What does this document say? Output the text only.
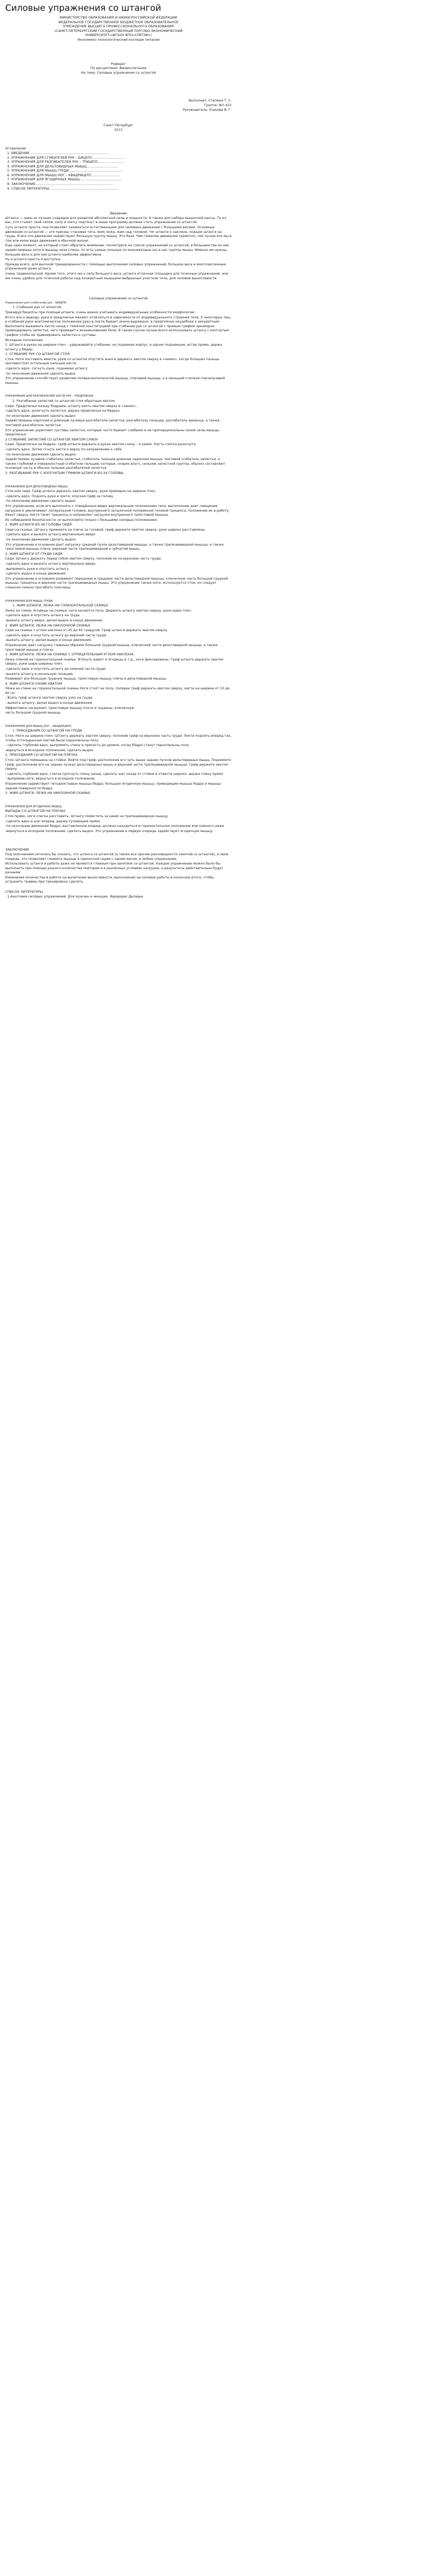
Силовые упражнения со штангой

МИНИСТЕРСТВО ОБРАЗОВАНИЯ И НАУКИ РОССИЙСКОЙ ФЕДЕРАЦИИ

ФЕДЕРАЛЬНОЕ ГОСУДАРСТВЕННОЕ БЮДЖЕТНОЕ ОБРАЗОВАТЕЛЬНОЕ

УЧРЕЖДЕНИЕ ВЫСШЕГО ПРОФЕССИОНАЛЬНОГО ОБРАЗОВАНИЯ

«САНКТ-ПЕТЕРБУРГСКИЙ ГОСУДАРСТВЕННЫЙ ТОРГОВО-ЭКОНОМИЧЕСКИЙ

УНИВЕРСИТЕТ»(ФГБОУ ВПО«СПбТЭИ»)

Экономико-технологический колледж питания

Реферат
По дисциплине: Физвоспитание
На тему: Силовые упражнения со штангой
Выполнил: Степина Т. С.
Группа: №т-412
Руководитель: Усанова В. Г.
Санкт-Петербург
2013
Оглавление
1. ВВЕДЕНИЕ...........................................................................
2. УПРАЖНЕНИЯ ДЛЯ СГИБАТЕЛЕЙ РУК – БИЦЕПС...............................
3. УПРАЖНЕНИЯ ДЛЯ РАЗГИБАТЕЛЕЙ РУК – ТРИЦЕПС.........................
4. УПРАЖНЕНИЯ ДЛЯ ДЕЛЬТОВИДНЫХ МЫШЦ..............................
5. УПРАЖНЕНИЯ ДЛЯ МЫШЦ ГРУДИ....................................................
6. УПРАЖНЕНИЯ ДЛЯ МЫШЦ НОГ – КВАДРИЦЕПС...........................
7. УПРАЖНЕНИЯ ДЛЯ ЯГОДИЧНЫХ МЫШЦ.........................................
8. ЗАКЛЮЧЕНИЕ..........................................................................
9. СПИСОК ЛИТЕРАТУРЫ..................................................................
Введение

Штанга — один из лучших снарядов для развития абсолютной силы и мощности. А также для набора мышечной массы. Те из вас, кто стажет свой силой, силу и массу подтянут в наше программу должен стать упражнения со штангой.

Суть штанги проста, она позволяет заниматься естественными для человека движения с большими весами. Основные движения со штангой — это присед, становая тяга, жим лежа, жим над головой, тяг штанги к наклоне, подъем штанги на грудь. И все эти движения задействуют большую группу мышц. Это база. Чем тяжелее движения грамотно, тем лучше все мы в том или ином виде движения в обычной жизни.

Еще один момент, на который стоит обратить внимание, посмотрите на список упражнений со штангой, в большинстве из них задействованы ноги и мышцы низа спины, то есть самые сильные по мнению(одни из) в нас группы мышц. Именно им нужны большие веса и для них штанга наиболее эффективна.

Ну и штанга проста и доступна.

Прежде всего, для высокой тренированности с помощью выполнения силовых упражнений, большое веса и многочисленные упражнения даже штангу.

очень травмоопасной. Кроме того, этого же к силу большого веса, штанга отличная площадка для точечных упражнений, или же очень удобна для точечной работы над конкретным мышцами выбранных участков тела, для силовой выносливости.

Силовые упражнения со штангой
Упражнения для сгибателей рук - БИЦЕПС

1. Сгибание рук со штангой

Тренируя бицепсы при помощи штанги, очень важно учитывать индивидуальные особенности морфологии.

Итого все к выводу: руки в предплечье меняют отличаться в зависимости от индивидуального строения тела. У некоторых лиц, в сгибания руки анатомическое положение рука в локте бывает иначе выражено, в предплечье неудобное к аккуратным. Выполните выжимать кисти назад с тяжёлой конституцией при сгибании рук со штангой с прямым грифом чрезмерно провоцировать запястья, чего провидит к возникновению боли. В таком случае лучше всего использовать штангу с изогнутым грифом чтобы не травмировать запястья и суставы.

Исходное положение:

1. Штанга в руках на ширине плеч – удерживайте сгибание, не поднимая корпус, в одном подъемным, встав прямо, держа штангу у бёдер.

1. СГИБАНИЕ РУК СО ШТАНГОЙ СТОЯ

Стоя. Ноги поставить вместе, руки со штангой опустить вниз и держать хватом сверху в «замок», когда больших пальцы противостоят остальным пальцам кисти

-сделать вдох, согнуть руки, поднимая штангу

-по окончание движения сделать выдох

Это упражнение способствует развитию поперечнополосатой мышцы, плечевой мышцы, а в меньшей степени плечелучевой мышцы.

УПРАЖНЕНИЯ ДЛЯ РАЗГИБАТЕЛЕЙ КИСТИ РУК – ПРЕДПЛЕЧЬЕ

2. Разгибание запястий со штангой стоя обратным хватом

Сидя. Предплечья между бедрами, штангу взять хватом сверху в «замок»,

-сделать вдох, разогнуть запястья, держа предплечья на бедрах

-по окончании движения сделать выдох

Задействованы короткий и длинный лучевые разгибатели запястья, разгибатель пальцев, разгибатель мизинца, а также локтевой разгибатель запястья.

Это упражнение укрепляет суставы запястья, которые часто бывают слабыми и не пропорциональны силой силы мышцы предплечья.

2.СГИБАНИЕ ЗАПЯСТИЙ СО ШТАНГОЙ ХВАТОМ СНИЗУ

Сидя. Предплечья на бедрах, гриф штанги держать в руках хватом снизу – в замок. Кисть слегка разогнута.

-сделать вдох, Затем сгнуть кисти к верху по направлению к себе.

-по окончании движения сделать выдох.

Задействован лучевой сгибатель запястья, сгибатель пальцев длинная ладонная мышца, локтевой сгибатель запястья, а также глубокий и поверхностный сгибатели пальцев, которые, скорее всего, сильнее запястной группы, обычно составляют основную часть и обычно сильнее разгибателей запястья.

3. РАЗГИБАНИЕ РУК С ИЗОГНУТЫМ ГРИФОМ ШТАНГИ ИЗ-ЗА ГОЛОВЫ

УПРАЖНЕНИЯ ДЛЯ ДЕЛЬТОВИДНЫХ МЫШЦ

Стоя или сидя. Гриф штанги держать хватом сверху, руки примерно на ширине плеч.

-сделать вдох, Поднять руки в локте, опуская гриф за голову

-по окончании движения сделать выдох

Это упражнение, если его выполнять с отведённым вверх вертикальным положением тела, выполнение дает смещение нагрузки и увеличивает латеральной головке, внутреннего затылочной половинной головой трицепса, положение их в работу. Квант сверху локтя тянет трицепсы и направляет нагрузки внутреннего трёхглавой мышцы.

Из собираемой безопасности но выполняйте только с большими силовые положением.

1. ЖИМ ШТАНГИ ИЗ-ЗА ГОЛОВЫ СИДЯ

Сидя на скамье. Штангу прижмите на плечи за головой, гриф держите хватом сверху, руки широко расставлены.

-сделать вдох и выжать штангу вертикально вверх

-по окончании движения сделать выдох

Это упражнение в основном дает нагрузку средней пучок дельтовидной мышцы, а также трапециевидной мышцы, и также трехглавой мышцы плеча, верхней части трапециевидной и зубчатой мышц.

2. ЖИМ ШТАНГИ ОТ ГРУДИ СИДЯ

Сидя. Штангу держать перед собой хватом сверху, положив ее на верхнюю часть груди.

-сделать вдох и выжать штангу вертикально вверх,

-выпрямить руки и опустить штангу

-сделать выдох в конце движения.

Это упражнение в основном развивает переднюю и среднюю части дельтовидной мышцы, ключичную часть большой грудной мышцы, трицепсы и верхние части трапециевидных мышц. Это упражнение также ноги, используется стоя, но следует слишком сильно прогибать поясницу.

УПРАЖНЕНИЯ ДЛЯ МЫШЦ ГРУДИ

1. ЖИМ ШТАНГИ, ЛЕЖА НА ГОРИЗОНТАЛЬНОЙ СКАМЬЕ

Лежа на спине, ягодицы на скамье, ноги касаются пола. Держать штангу хватом сверху, руки шире плеч.

-сделать вдох и опустить штангу на грудь

-выжать штангу вверх, делая выдох в конце движения.

2. ЖИМ ШТАНГИ, ЛЕЖА НА НАКЛОННОЙ СКАМЬЕ

Сидя на скамье с углом наклона от 45 до 60 градусов. Гриф штанги держать хватом сверху

-сделать вдох и опустить штангу до верхней части груди

-выжать штангу, делая выдох в конце движения.

Упражнение дает нагрузку главным образом большой грудной мышце, ключичной части дельтовидной мышцы, а также трехглавой мышце и плеча.

3. ЖИМ ШТАНГИ, ЛЕЖА НА СКАМЬЕ С ОТРИЦАТЕЛЬНЫМ УГЛОМ НАКЛОНА

Лежа спиной на горизонтальной скамье. Втянуть живот и ягодицы и т.д., ноги фиксированы. Гриф штанги держать хватом сверху, руки шире ширины плеч.

-сделать вдох и опустить штангу до нижней части груди

-выжать штангу в начальную позицию.

Развивает все большую грудную мышцу, трехглавую мышцу плеча и дельтовидной мышцы.

4. ЖИМ ШТАНГИ УЗКИМ ХВАТОМ

Лёжа на спине на горизонтальной скамье Ноги стоят на полу, поперек гриф держать хватом сверху, кисти на ширине от 10 до 40 см

- Взять гриф штанги хватом сверху узко на груди

- выжать штангу, делая выдох в конце движения

Эффективно нагружает трехглавую мышцу плеча и грудины, ключичную

часть большой грудной мышцы

УПРАЖНЕНИЯ ДЛЯ МЫШЦ НОГ – КВАДРИЦЕПС

1. ПРИСЕДАНИЯ СО ШТАНГОЙ НА ГРУДИ

Стоя. Ноги на ширине плеч. Штангу держать хватом сверху, положив гриф на верхнюю часть груди. Локти поднять вперёд так, чтобы оттопыренная локтей были параллельны полу

- сделать глубокий вдох, выпрямить спину и присесть до уровня, когда бёдра станут параллельны полу

-вернуться в исходное положение, сделать выдох.

2. ПРИСЕДАНИЯ СО ШТАНГОЙ НА ПЛЕЧАХ

Стоя. Штанга помещена на стойке. Войти под гриф, расположив его чуть выше задних пучков дельтовидных мышц. Поднимите гриф, расположив его на задних пучках дельтовидных мышц и верхней части трапециевидной мышцы. Гриф держите хватом сверху

- сделать глубокий вдох, слегка прогнуть спину назад, сделать шаг назад от стойки и отвести широко, держа спину прямо

- выпрямив ноги, вернуться в исходное положение

Упражнение задействует четырехглавые мышцы бедра, большую ягодичную мышцу, приводящие мышцы бедра и мышцы задней поверхности бедра.

3. ЖИМ ШТАНГИ, ЛЕЖА НА НАКЛОННОЙ СКАМЬЕ

УПРАЖНЕНИЯ ДЛЯ ЯГОДИЧНЫХ МЫШЦ

ВЫПАДЫ СО ШТАНГОЙ НА ПЛЕЧАХ

Стоя прямо, ноги слегка расставить. Штангу поместить за шеей на трапециевидную мышцу

-сделать вдох и шаг вперед, держа туловищем прямо

-по окончании движения бедро, выставленное вперед, должно находиться в горизонтальном положении или немного ниже

-вернуться в исходное положение, сделать выдох. Это упражнение в первую очередь задействует ягодичную мышцу.

ЗАКЛЮЧЕНИЕ

Под окончанием хотелось бы сказать, что штанга со штангой (а также все прочие разновидности занятий со штангой), в свою очередь, это позволяет сжимать мышцы в одиночной серии с одним весом, в любом упражнении.

Использовать штанги в работе даже не являются главным при занятиях со штангой. Каждое упражнение можно было бы выполнить при помощи разного количества повторов и в различных условиях нагрузки, и результаты действительно будут разными.

Изменения количества в работе на вычитание выносливости, выполнение на силовое работы в конечном итоге, чтобы устранить травмы при тренировках сделать.

СПИСОК ЛИТЕРАТУРЫ
1.Анатомия силовых упражнений. Для мужчин и женщин. Фредерик Делавье
